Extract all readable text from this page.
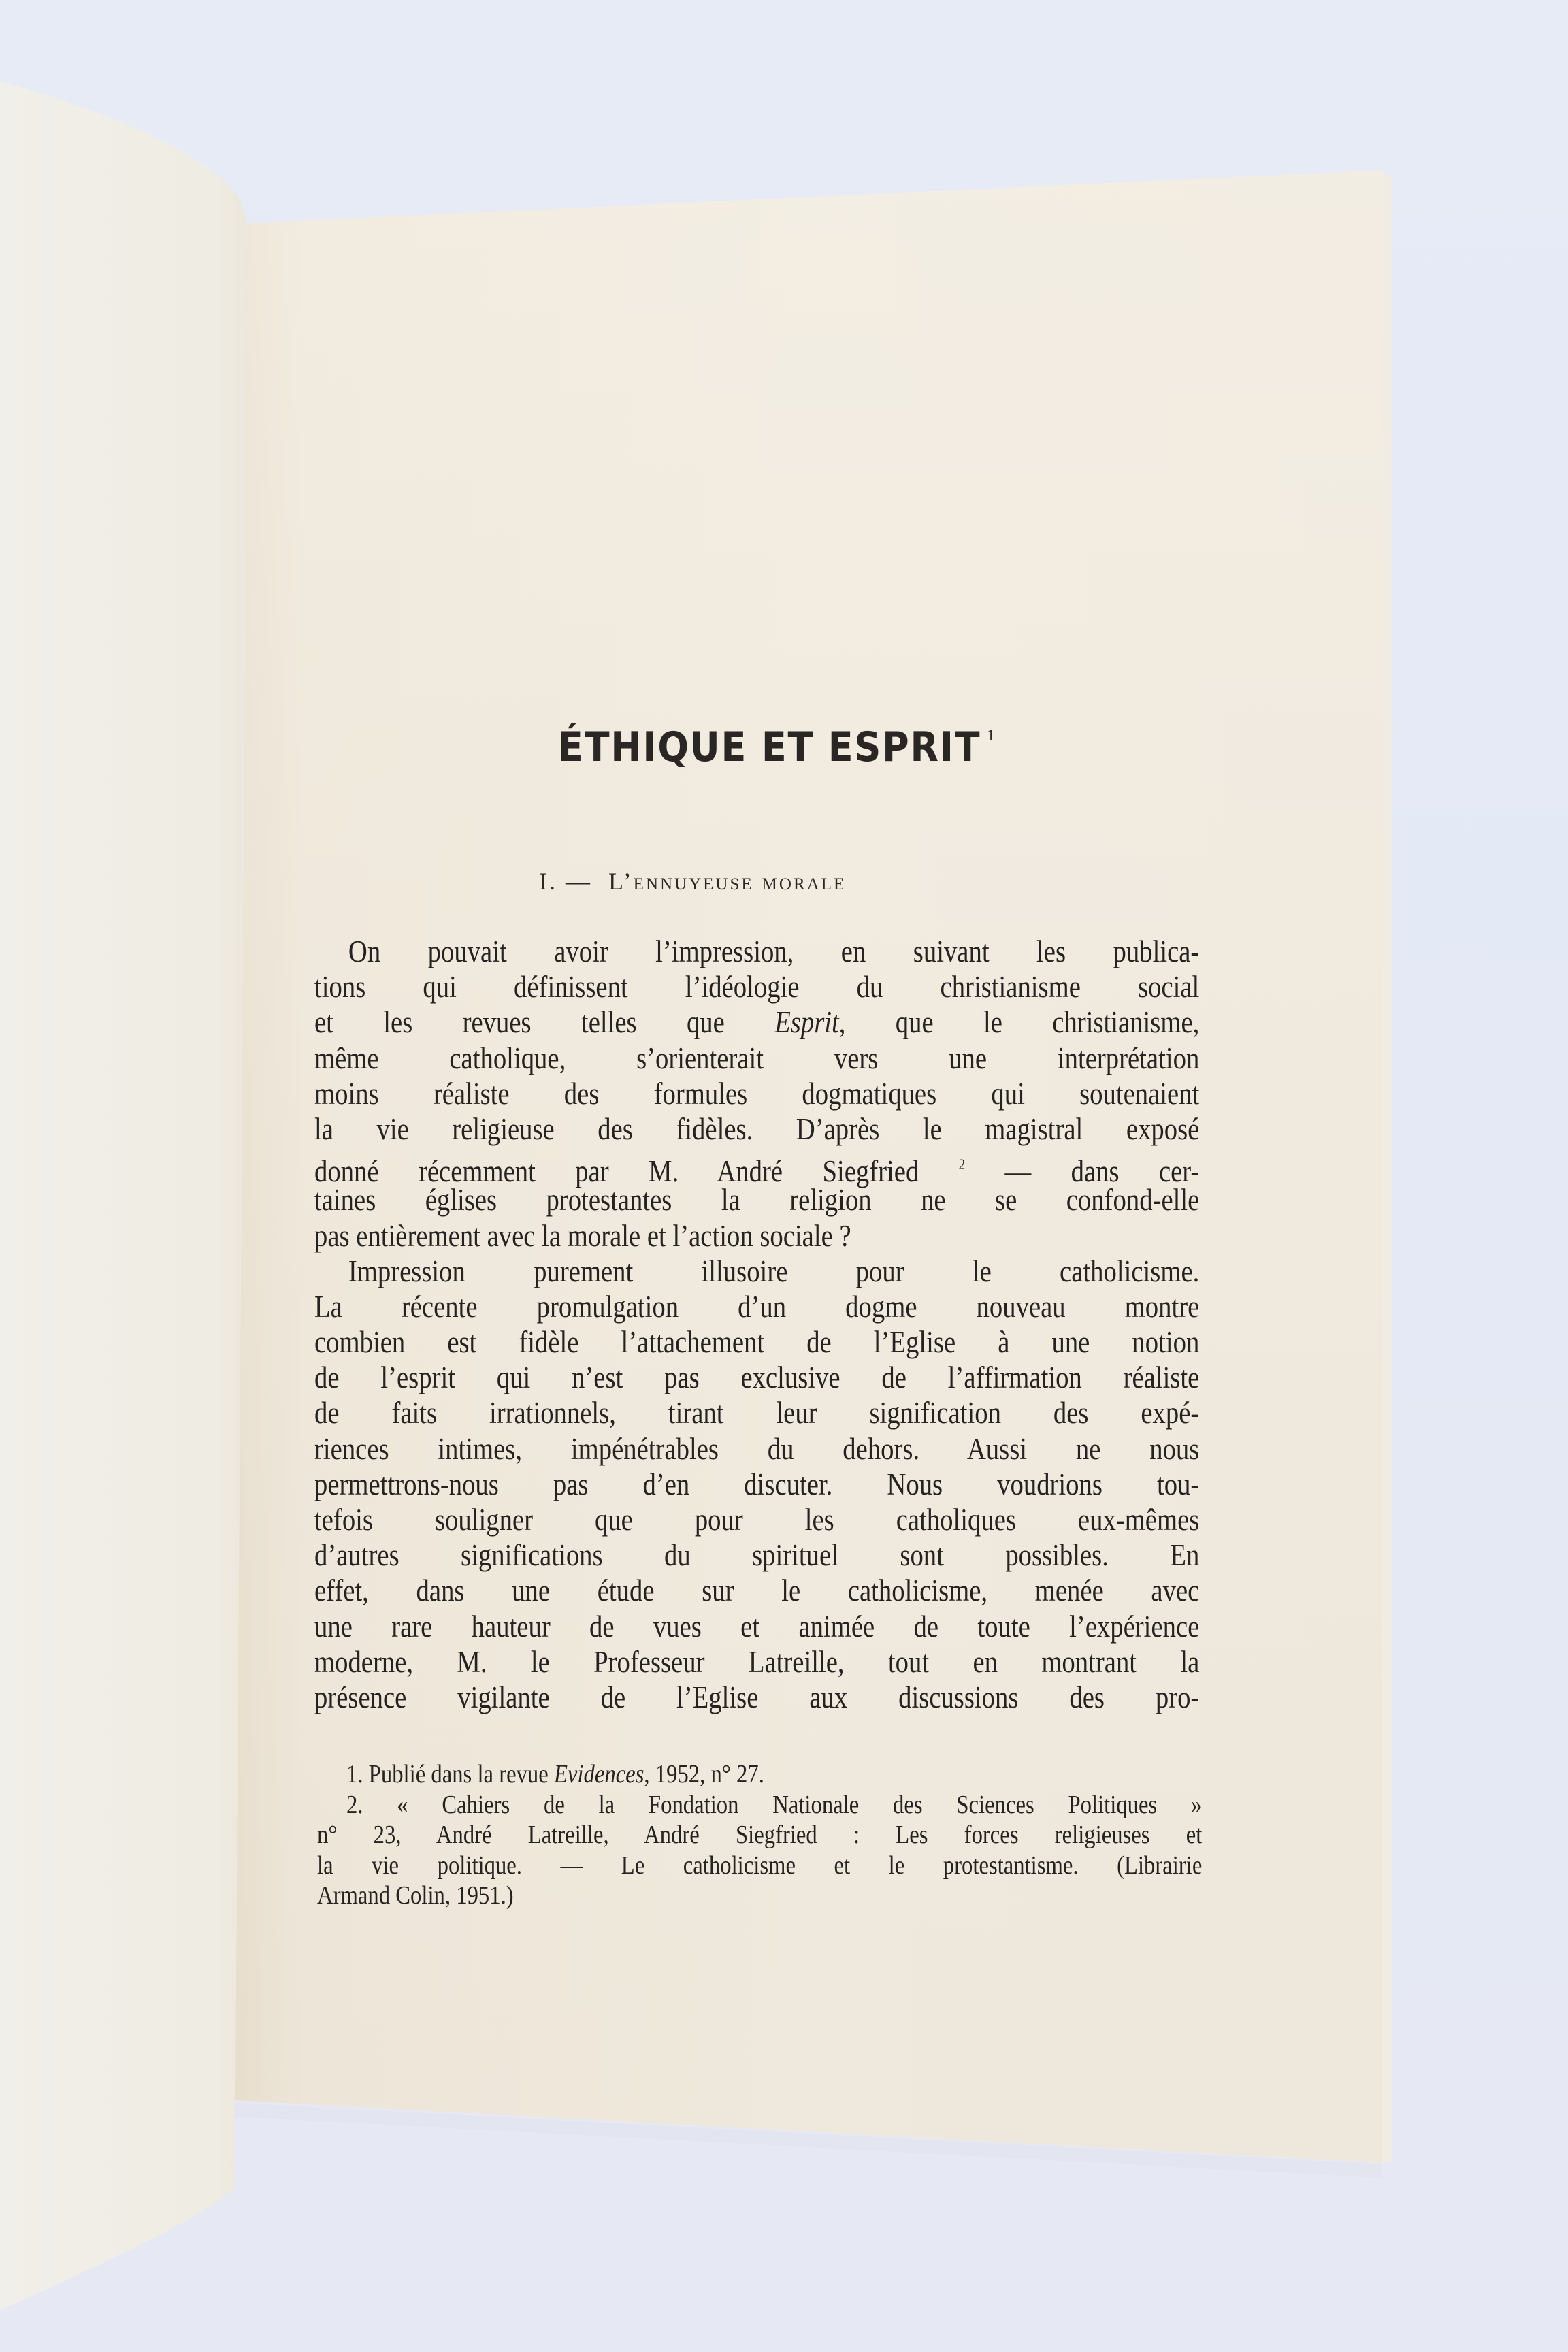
ÉTHIQUE ET ESPRIT $^1$
I. — L’ennuyeuse morale
On pouvait avoir l’impression, en suivant les publica-
tions qui définissent l’idéologie du christianisme social
et les revues telles que Esprit, que le christianisme,
même catholique, s’orienterait vers une interprétation
moins réaliste des formules dogmatiques qui soutenaient
la vie religieuse des fidèles. D’après le magistral exposé
donné récemment par M. André Siegfried	$^2$ — dans cer-
taines églises protestantes la religion ne se confond-elle
pas entièrement avec la morale et l’action sociale ?
Impression purement illusoire pour le catholicisme.
La récente promulgation d’un dogme nouveau montre
combien est fidèle l’attachement de l’Eglise à une notion
de l’esprit qui n’est pas exclusive de l’affirmation réaliste
de faits irrationnels, tirant leur signification des expé-
riences intimes, impénétrables du dehors. Aussi ne nous
permettrons-nous pas d’en discuter. Nous voudrions tou-
tefois souligner que pour les catholiques eux-mêmes
d’autres significations du spirituel sont possibles. En
effet, dans une étude sur le catholicisme, menée avec
une rare hauteur de vues et animée de toute l’expérience
moderne, M. le Professeur Latreille, tout en montrant la
présence vigilante de l’Eglise aux discussions des pro-
1. Publié dans la revue Evidences, 1952, n° 27.
2. « Cahiers de la Fondation Nationale des Sciences Politiques »
n° 23, André Latreille, André Siegfried : Les forces religieuses et
la vie politique. — Le catholicisme et le protestantisme. (Librairie
Armand Colin, 1951.)
